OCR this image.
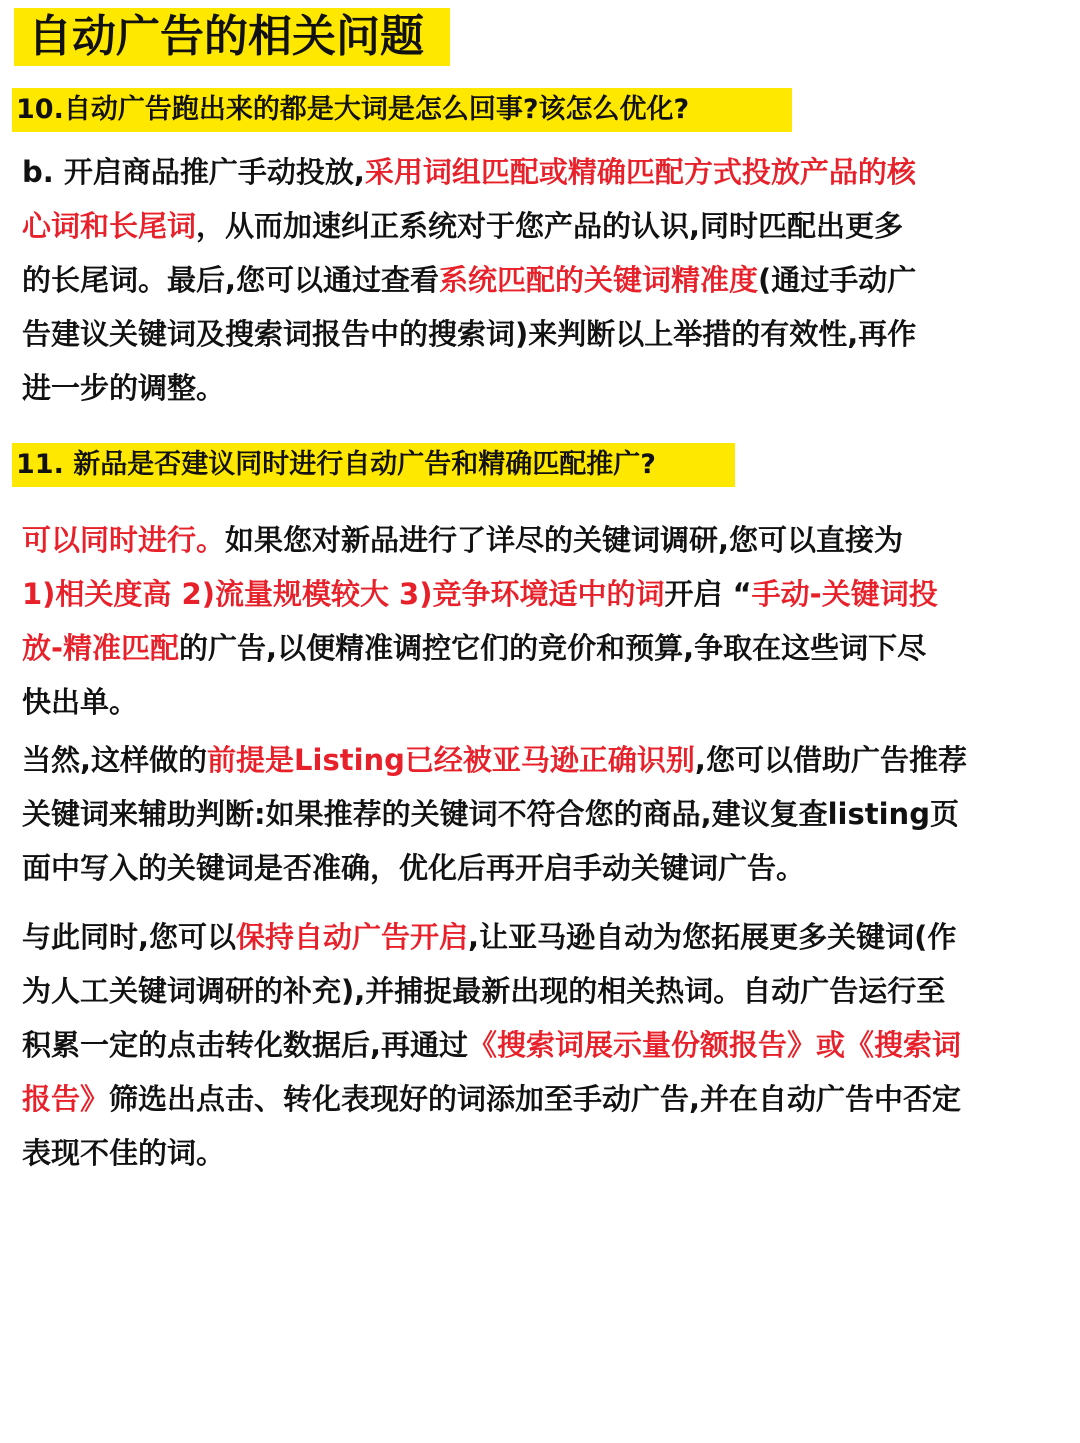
自动广告的相关问题
10.自动广告跑出来的都是大词是怎么回事?该怎么优化?
b. 开启商品推广手动投放,采用词组匹配或精确匹配方式投放产品的核
心词和长尾词，从而加速纠正系统对于您产品的认识,同时匹配出更多
的长尾词。最后,您可以通过查看系统匹配的关键词精准度(通过手动广
告建议关键词及搜索词报告中的搜索词)来判断以上举措的有效性,再作
进一步的调整。
11. 新品是否建议同时进行自动广告和精确匹配推广?
可以同时进行。如果您对新品进行了详尽的关键词调研,您可以直接为
1)相关度高 2)流量规模较大 3)竞争环境适中的词开启 “手动-关键词投
放-精准匹配的广告,以便精准调控它们的竞价和预算,争取在这些词下尽
快出单。
当然,这样做的前提是Listing已经被亚马逊正确识别,您可以借助广告推荐
关键词来辅助判断:如果推荐的关键词不符合您的商品,建议复查listing页
面中写入的关键词是否准确，优化后再开启手动关键词广告。
与此同时,您可以保持自动广告开启,让亚马逊自动为您拓展更多关键词(作
为人工关键词调研的补充),并捕捉最新出现的相关热词。自动广告运行至
积累一定的点击转化数据后,再通过《搜索词展示量份额报告》或《搜索词
报告》筛选出点击、转化表现好的词添加至手动广告,并在自动广告中否定
表现不佳的词。
